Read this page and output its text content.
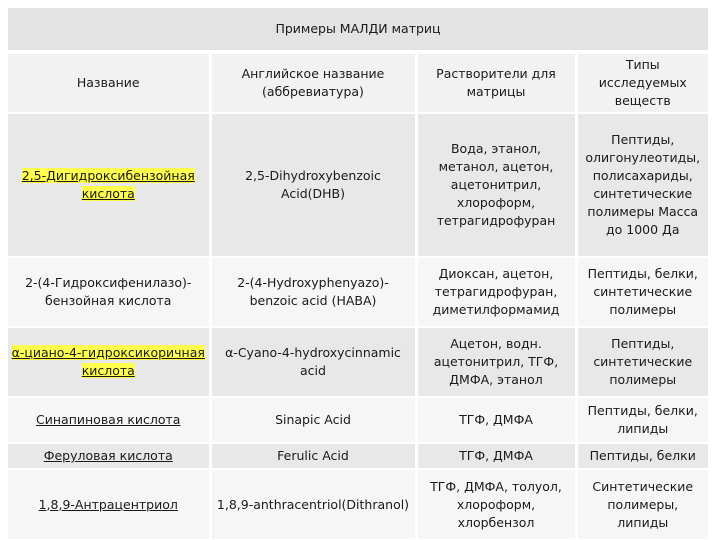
Примеры МАЛДИ матриц			
Название	Английское название (аббревиатура)	Растворители для матрицы	Типы исследуемых веществ
2,5-Дигидроксибензойная кислота	2,5-Dihydroxybenzoic Acid(DHB)	Вода, этанол, метанол, ацетон, ацетонитрил, хлороформ, тетрагидрофуран	Пептиды, олигонулеотиды, полисахариды, синтетические полимеры Масса до 1000 Да
2-(4-Гидроксифенилазо)-бензойная кислота	2-(4-Hydroxyphenyazo)-benzoic acid (HABA)	Диоксан, ацетон, тетрагидрофуран, диметилформамид	Пептиды, белки, синтетические полимеры
α-циано-4-гидроксикоричная кислота	α-Cyano-4-hydroxycinnamic acid	Ацетон, водн. ацетонитрил, ТГФ, ДМФА, этанол	Пептиды, синтетические полимеры
Синапиновая кислота	Sinapic Acid	ТГФ, ДМФА	Пептиды, белки, липиды
Феруловая кислота	Ferulic Acid	ТГФ, ДМФА	Пептиды, белки
1,8,9-Антрацентриол	1,8,9-anthracentriol(Dithranol)	ТГФ, ДМФА, толуол, хлороформ, хлорбензол	Синтетические полимеры, липиды
